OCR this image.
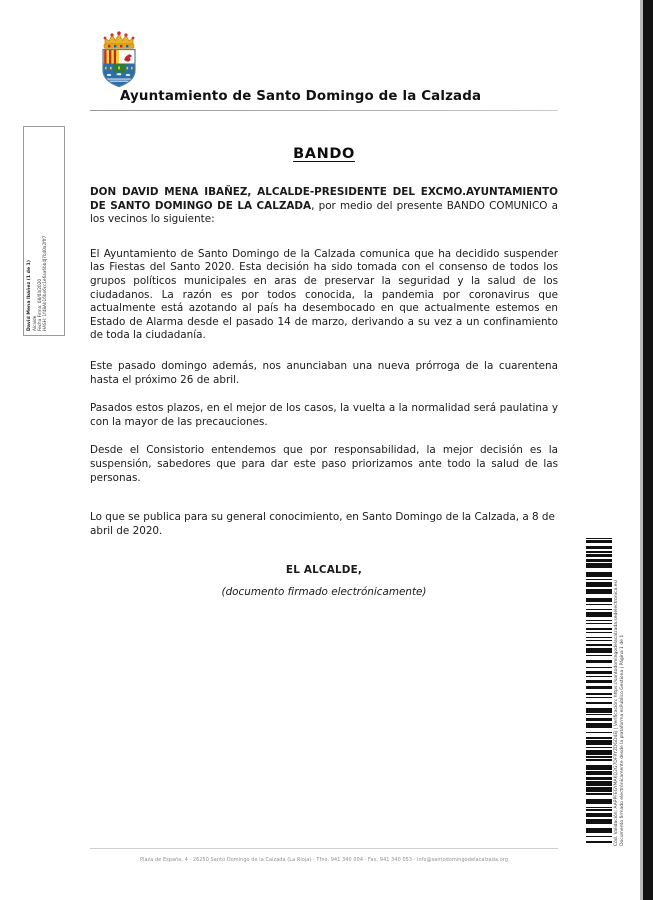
David Mena Ibáñez (1 de 1) Alcalde Fecha Firma: 08/04/2020 HASH: 1f48Ah16ba6cc1e6aa6bb4J7b40a2fff7
Ayuntamiento de Santo Domingo de la Calzada
BANDO

DON DAVID MENA IBAÑEZ, ALCALDE-PRESIDENTE DEL EXCMO.AYUNTAMIENTO DE SANTO DOMINGO DE LA CALZADA, por medio del presente BANDO COMUNICO a los vecinos lo siguiente:

El Ayuntamiento de Santo Domingo de la Calzada comunica que ha decidido suspender las Fiestas del Santo 2020. Esta decisión ha sido tomada con el consenso de todos los grupos políticos municipales en aras de preservar la seguridad y la salud de los ciudadanos. La razón es por todos conocida, la pandemia por coronavirus que actualmente está azotando al país ha desembocado en que actualmente estemos en Estado de Alarma desde el pasado 14 de marzo, derivando a su vez a un confinamiento de toda la ciudadanía.

Este pasado domingo además, nos anunciaban una nueva prórroga de la cuarentena hasta el próximo 26 de abril.

Pasados estos plazos, en el mejor de los casos, la vuelta a la normalidad será paulatina y con la mayor de las precauciones.

Desde el Consistorio entendemos que por responsabilidad, la mejor decisión es la suspensión, sabedores que para dar este paso priorizamos ante todo la salud de las personas.

Lo que se publica para su general conocimiento, en Santo Domingo de la Calzada, a 8 de abril de 2020.

EL ALCALDE,

(documento firmado electrónicamente)	Cód. Validación: AAPPFEGYMAKQ2G7DFRYZDGD4EJ | Verificación: https://santodomingodelacalzada.sedelectronica.es/ Documento firmado electrónicamente desde la plataforma esPublico Gestiona | Página 1 de 1
Plaza de España, 4 · 26250 Santo Domingo de la Calzada (La Rioja) · Tfno. 941 340 004 · Fax. 941 340 053 · info@santodomingodelacalzada.org
